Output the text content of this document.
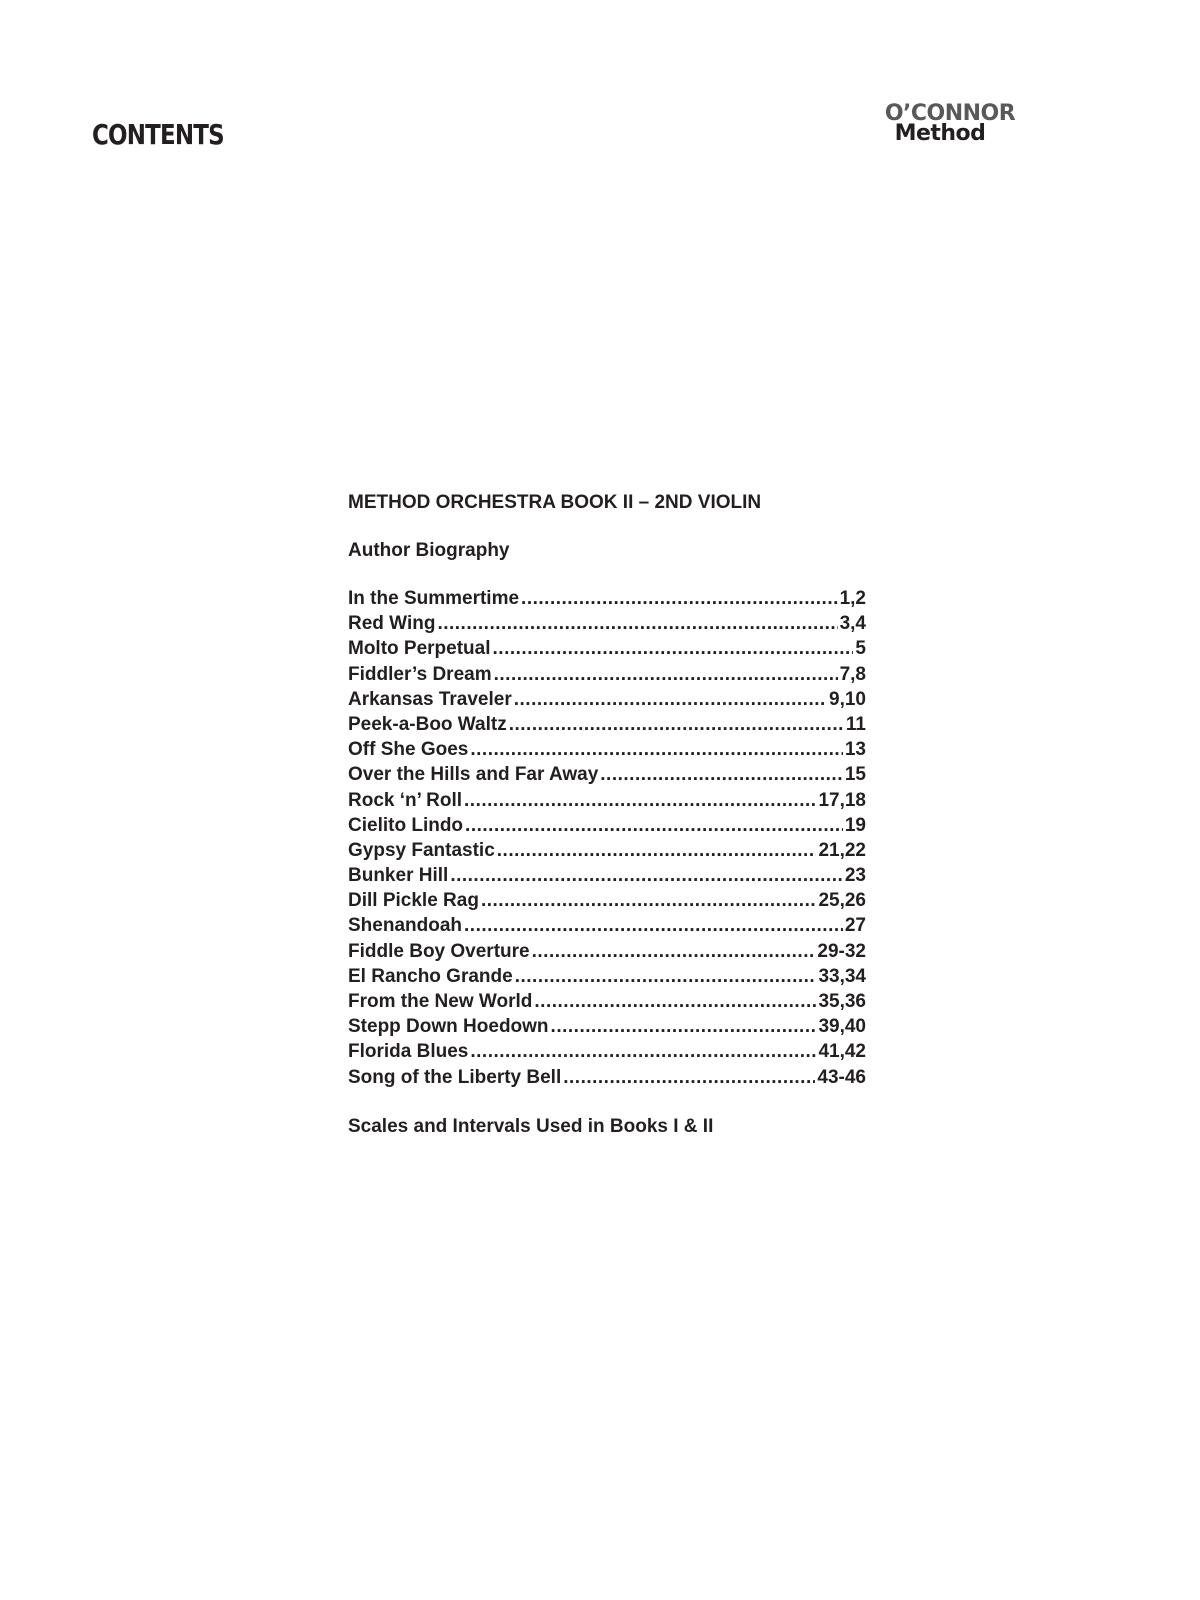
CONTENTS
O’CONNOR
Method
METHOD ORCHESTRA BOOK II – 2ND VIOLIN
Author Biography
In the Summertime .....	1,2
Red Wing .....	3,4
Molto Perpetual .....	5
Fiddler’s Dream .....	7,8
Arkansas Traveler .....	9,10
Peek-a-Boo Waltz .....	11
Off She Goes .....	13
Over the Hills and Far Away .....	15
Rock ‘n’ Roll .....	17,18
Cielito Lindo .....	19
Gypsy Fantastic .....	21,22
Bunker Hill .....	23
Dill Pickle Rag .....	25,26
Shenandoah .....	27
Fiddle Boy Overture .....	29-32
El Rancho Grande .....	33,34
From the New World .....	35,36
Stepp Down Hoedown .....	39,40
Florida Blues .....	41,42
Song of the Liberty Bell .....	43-46
Scales and Intervals Used in Books I & II
